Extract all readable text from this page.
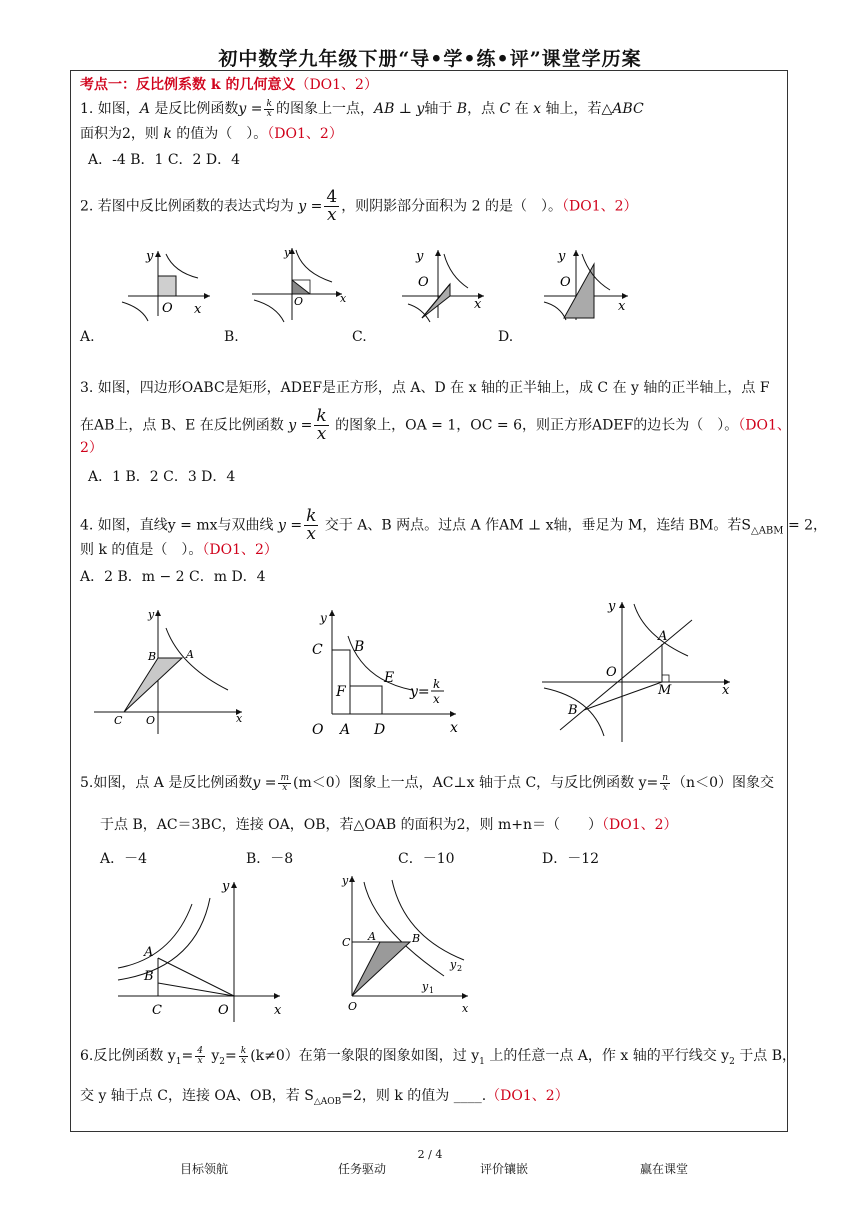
初中数学九年级下册“导•学•练•评”课堂学历案
考点一：反比例系数 k 的几何意义（DO1、2）
1. 如图，A 是反比例函数$y = \frac{k}{x}$ 的图象上一点，AB ⊥ y轴于 B，点 C 在 x 轴上，若△ABC
面积为2，则 k 的值为（　）。（DO1、2）
A．-4 B．1 C．2 D．4
2. 若图中反比例函数的表达式均为 $y = \frac{4}{x}$ ，则阴影部分面积为 2 的是（　）。（DO1、2）
y
O x
y
O	x
y
O
x
y
O
x
A.	B.	C.	D.
3. 如图，四边形OABC是矩形，ADEF是正方形，点 A、D 在 x 轴的正半轴上，成 C 在 y 轴的正半轴上，点 F
在AB上，点 B、E 在反比例函数 $y = \frac{k}{x}$ 的图象上，OA = 1，OC = 6，则正方形ADEF的边长为（　）。（DO1、
2）
A．1 B．2 C．3 D．4
4. 如图，直线y = mx与双曲线 $y = \frac{k}{x}$ 交于 A、B 两点。过点 A 作AM ⊥ x轴，垂足为 M，连结 BM。若$S_{\triangle ABM} = 2$，
则 k 的值是（　）。（DO1、2）
A．2 B．m − 2 C．m D．4
y
x
A
B
C O
y
x
C B
E
F
O A D
y= k
x
y
x
A
O
M
B
5.如图，点 A 是反比例函数$y = \frac{m}{x} (m<0)$图象上一点，AC⊥x 轴于点 C，与反比例函数 $y= \frac{n}{x} (n<0)$图象交
于点 B，AC＝3BC，连接 OA，OB，若△OAB 的面积为2，则 m+n＝（　　）（DO1、2）
A．－4	B．－8	C．－10	D．－12
y
x
A
B
C	O
y
x
C A	B
O
y 2
y 1
6.反比例函数 $y_1= \frac{4}{x} y_2= \frac{k}{x} (k\ne 0)$在第一象限的图象如图，过 $y_1$ 上的任意一点 A，作 x 轴的平行线交 $y_2$ 于点 B，
交 y 轴于点 C，连接 OA、OB，若 $S_{\triangle AOB}=2$，则 k 的值为 ____.（DO1、2）
2 / 4
目标领航	任务驱动	评价镶嵌	赢在课堂
